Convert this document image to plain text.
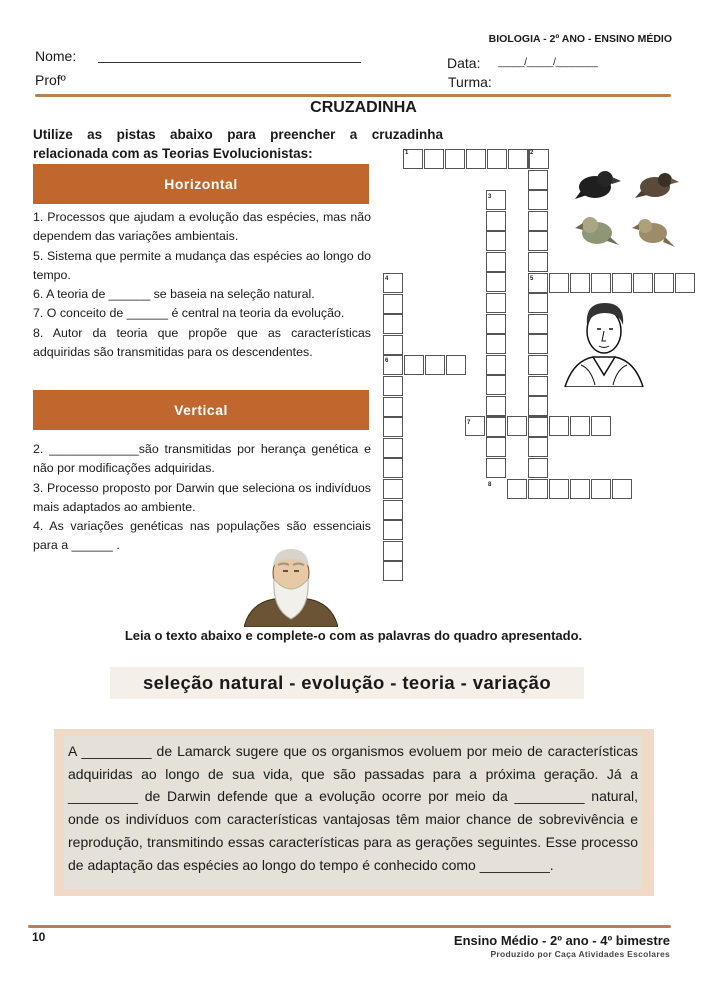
BIOLOGIA - 2º ANO - ENSINO MÉDIO
Nome:
Profº
Data: _____/_____/________
Turma:
CRUZADINHA
Utilize as pistas abaixo para preencher a cruzadinha relacionada com as Teorias Evolucionistas:
Horizontal

1. Processos que ajudam a evolução das espécies, mas não dependem das variações ambientais.

5. Sistema que permite a mudança das espécies ao longo do tempo.

6. A teoria de ______ se baseia na seleção natural.

7. O conceito de ______ é central na teoria da evolução.

8. Autor da teoria que propõe que as características adquiridas são transmitidas para os descendentes.

Vertical

2. _____________são transmitidas por herança genética e não por modificações adquiridas.

3. Processo proposto por Darwin que seleciona os indivíduos mais adaptados ao ambiente.

4. As variações genéticas nas populações são essenciais para a ______ .

1	2
3
4	5
6
7
8
Leia o texto abaixo e complete-o com as palavras do quadro apresentado.
seleção natural - evolução - teoria - variação
A _________ de Lamarck sugere que os organismos evoluem por meio de características adquiridas ao longo de sua vida, que são passadas para a próxima geração. Já a _________ de Darwin defende que a evolução ocorre por meio da _________ natural, onde os indivíduos com características vantajosas têm maior chance de sobrevivência e reprodução, transmitindo essas características para as gerações seguintes. Esse processo de adaptação das espécies ao longo do tempo é conhecido como _________.
10	Ensino Médio - 2º ano - 4º bimestre
Produzido por Caça Atividades Escolares
